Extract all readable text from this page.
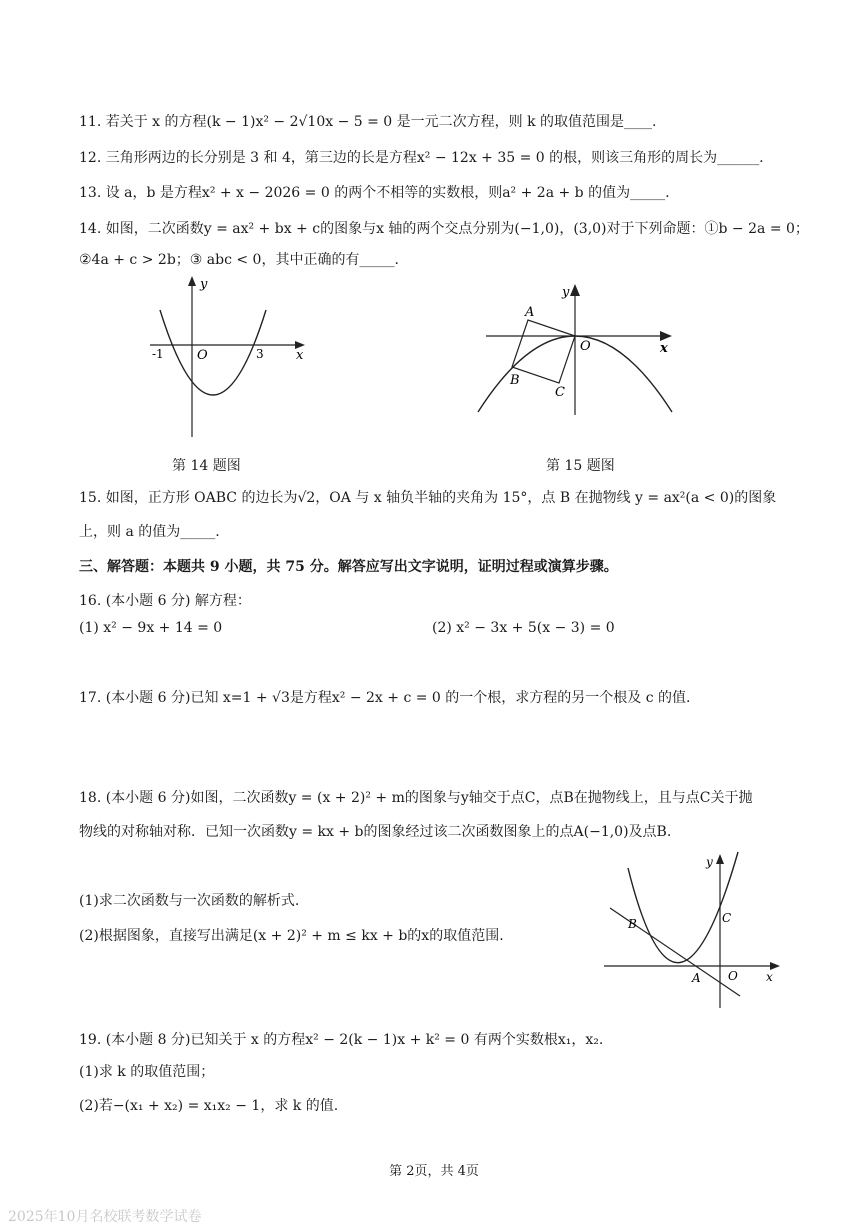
11. 若关于 x 的方程(k − 1)x² − 2√10x − 5 = 0 是一元二次方程，则 k 的取值范围是____.
12. 三角形两边的长分别是 3 和 4，第三边的长是方程x² − 12x + 35 = 0 的根，则该三角形的周长为______.
13. 设 a，b 是方程x² + x − 2026 = 0 的两个不相等的实数根，则a² + 2a + b 的值为_____.
14. 如图，二次函数y = ax² + bx + c的图象与x 轴的两个交点分别为(−1,0)，(3,0)对于下列命题：①b − 2a = 0；
②4a + c > 2b；③ abc < 0，其中正确的有_____.
y
x
O
-1	3
第 14 题图
y
x
O
A
B
C
第 15 题图
15. 如图，正方形 OABC 的边长为√2，OA 与 x 轴负半轴的夹角为 15°，点 B 在抛物线 y = ax²(a < 0)的图象
上，则 a 的值为_____.
三、解答题：本题共 9 小题，共 75 分。解答应写出文字说明，证明过程或演算步骤。
16. (本小题 6 分) 解方程：
(1) x² − 9x + 14 = 0	(2) x² − 3x + 5(x − 3) = 0
17. (本小题 6 分)已知 x=1 + √3是方程x² − 2x + c = 0 的一个根，求方程的另一个根及 c 的值.
18. (本小题 6 分)如图，二次函数y = (x + 2)² + m的图象与y轴交于点C，点B在抛物线上，且与点C关于抛
物线的对称轴对称．已知一次函数y = kx + b的图象经过该二次函数图象上的点A(−1,0)及点B.
(1)求二次函数与一次函数的解析式.
(2)根据图象，直接写出满足(x + 2)² + m ≤ kx + b的x的取值范围.
y
x
O
A
B	C
19. (本小题 8 分)已知关于 x 的方程x² − 2(k − 1)x + k² = 0 有两个实数根x₁，x₂.
(1)求 k 的取值范围；
(2)若−(x₁ + x₂) = x₁x₂ − 1，求 k 的值.
第 2页，共 4页
2025年10月名校联考数学试卷
